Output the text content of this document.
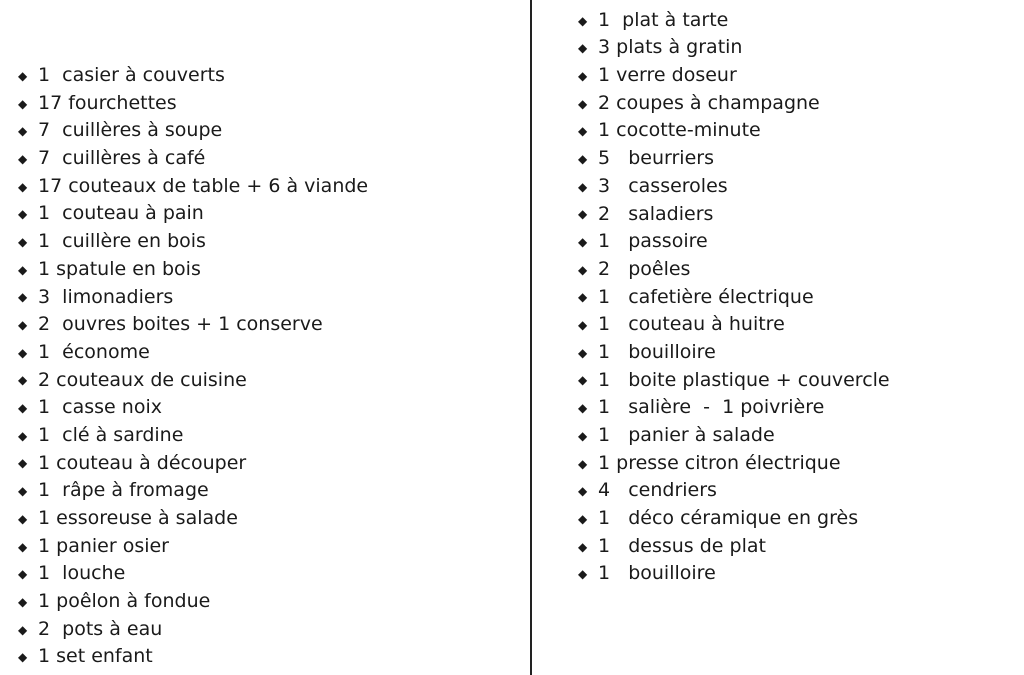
◆ 1  casier à couverts
◆ 17 fourchettes
◆ 7  cuillères à soupe
◆ 7  cuillères à café
◆ 17 couteaux de table + 6 à viande
◆ 1  couteau à pain
◆ 1  cuillère en bois
◆ 1 spatule en bois
◆ 3  limonadiers
◆ 2  ouvres boites + 1 conserve
◆ 1  économe
◆ 2 couteaux de cuisine
◆ 1  casse noix
◆ 1  clé à sardine
◆ 1 couteau à découper
◆ 1  râpe à fromage
◆ 1 essoreuse à salade
◆ 1 panier osier
◆ 1  louche
◆ 1 poêlon à fondue
◆ 2  pots à eau
◆ 1 set enfant
◆ 1  plat à tarte
◆ 3 plats à gratin
◆ 1 verre doseur
◆ 2 coupes à champagne
◆ 1 cocotte-minute
◆ 5   beurriers
◆ 3   casseroles
◆ 2   saladiers
◆ 1   passoire
◆ 2   poêles
◆ 1   cafetière électrique
◆ 1   couteau à huitre
◆ 1   bouilloire
◆ 1   boite plastique + couvercle
◆ 1   salière  -  1 poivrière
◆ 1   panier à salade
◆ 1 presse citron électrique
◆ 4   cendriers
◆ 1   déco céramique en grès
◆ 1   dessus de plat
◆ 1   bouilloire
